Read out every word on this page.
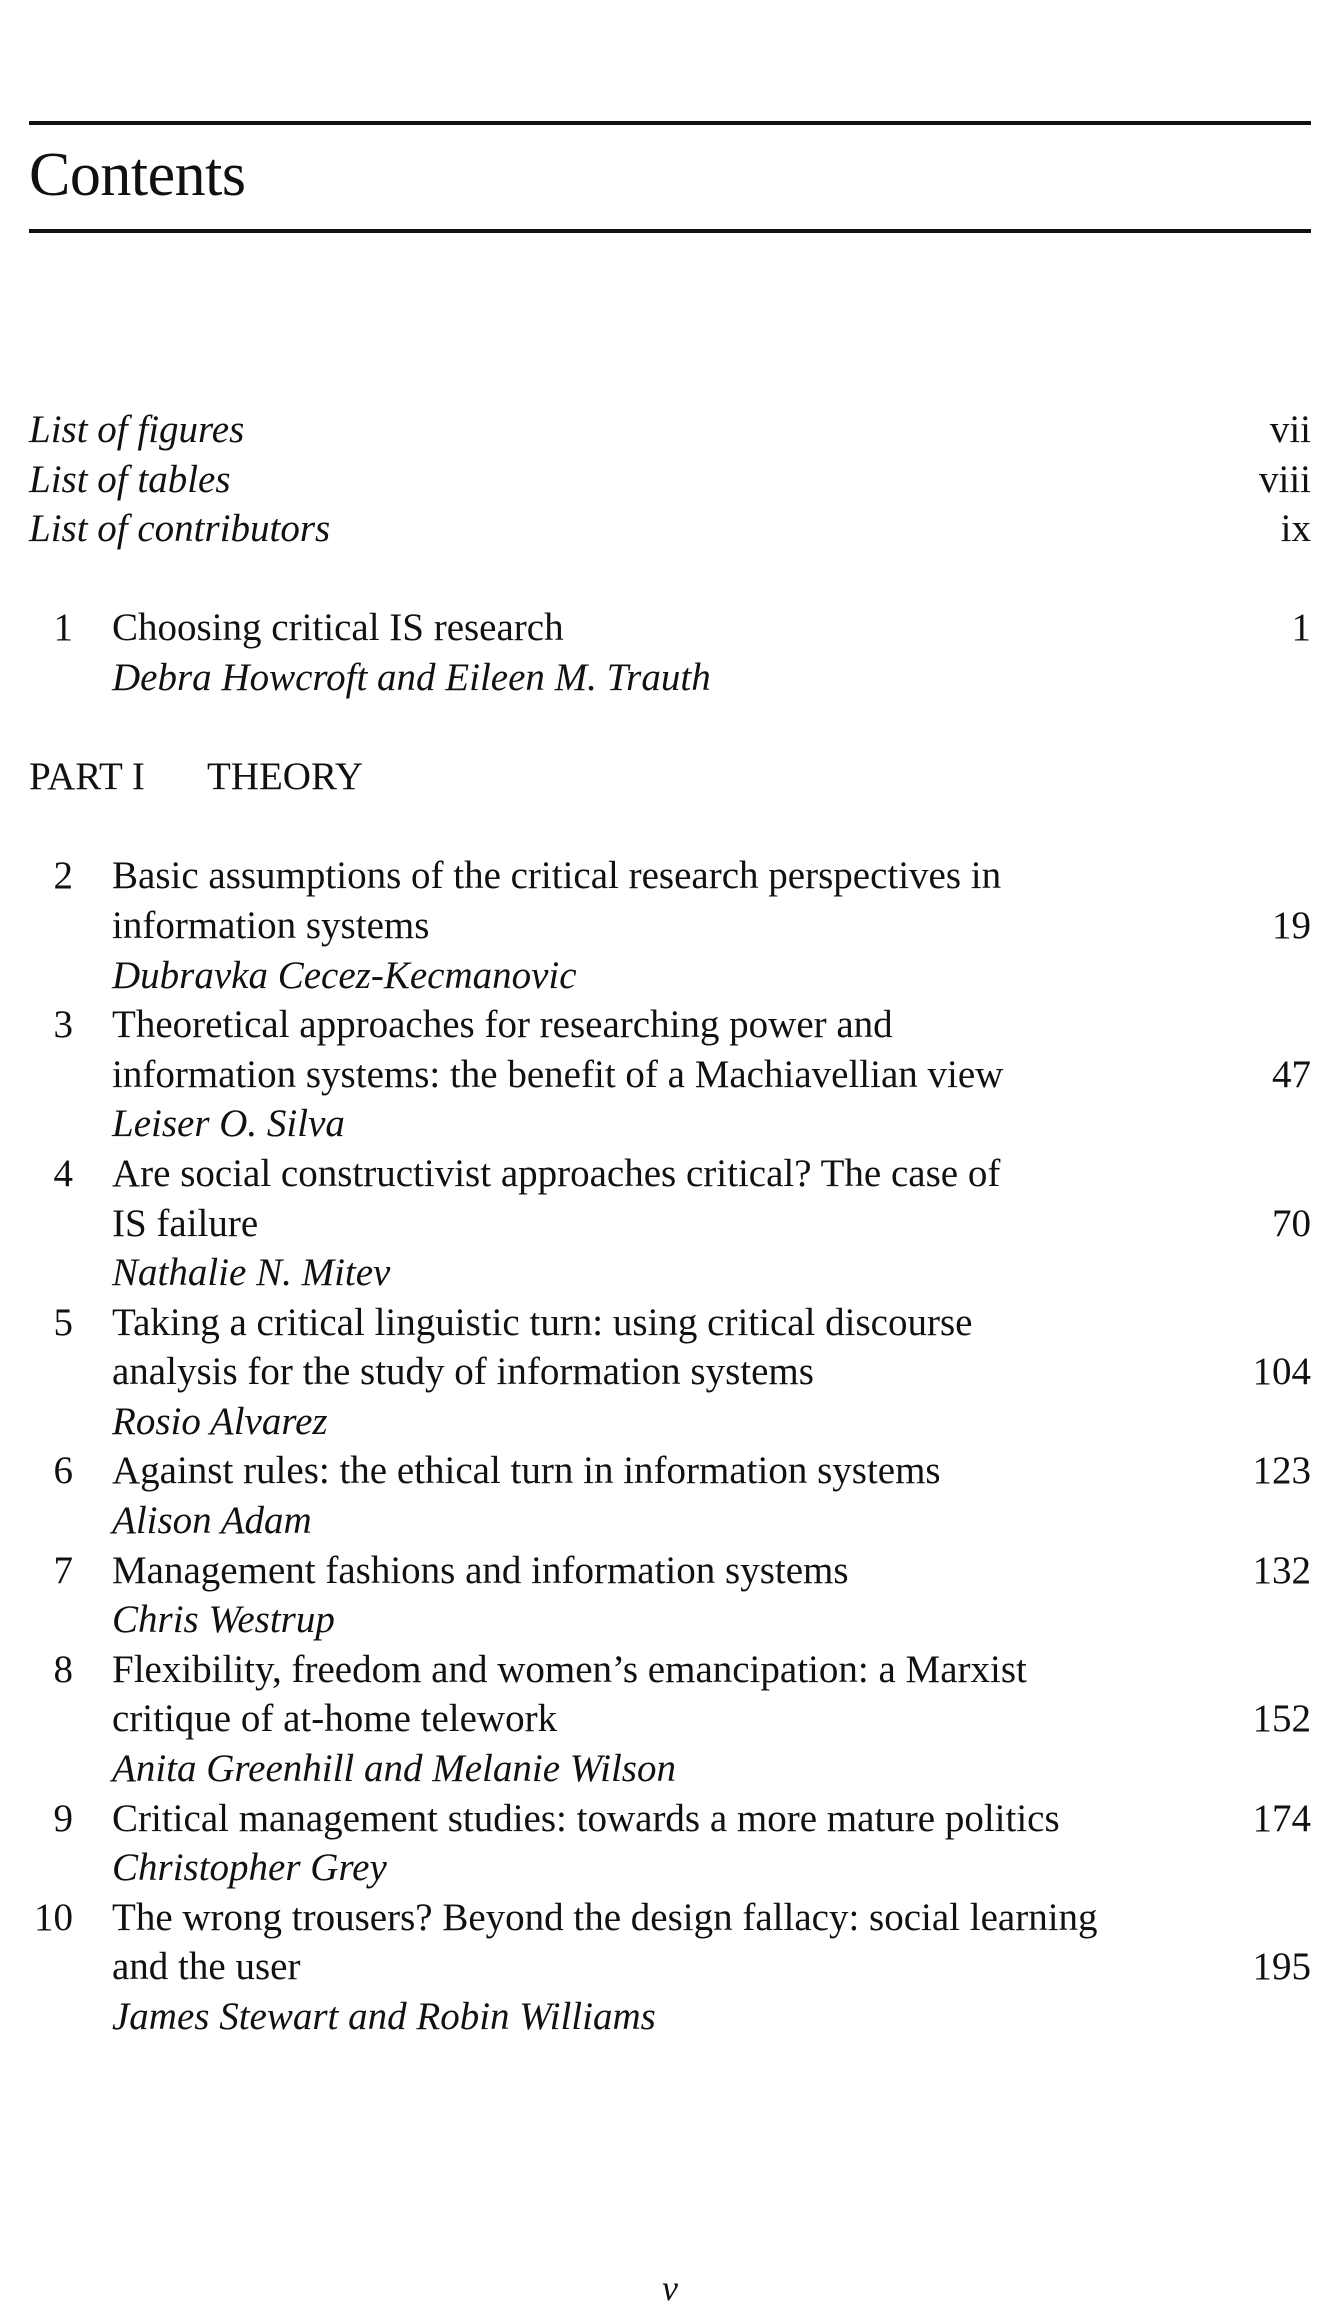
Contents
List of figures	vii
List of tables	viii
List of contributors	ix
1 Choosing critical IS research	1
Debra Howcroft and Eileen M. Trauth
PART I THEORY
2 Basic assumptions of the critical research perspectives in
information systems	19
Dubravka Cecez-Kecmanovic
3 Theoretical approaches for researching power and
information systems: the benefit of a Machiavellian view	47
Leiser O. Silva
4 Are social constructivist approaches critical? The case of
IS failure	70
Nathalie N. Mitev
5 Taking a critical linguistic turn: using critical discourse
analysis for the study of information systems	104
Rosio Alvarez
6 Against rules: the ethical turn in information systems	123
Alison Adam
7 Management fashions and information systems	132
Chris Westrup
8 Flexibility, freedom and women’s emancipation: a Marxist
critique of at-home telework	152
Anita Greenhill and Melanie Wilson
9 Critical management studies: towards a more mature politics	174
Christopher Grey
10 The wrong trousers? Beyond the design fallacy: social learning
and the user	195
James Stewart and Robin Williams
v
